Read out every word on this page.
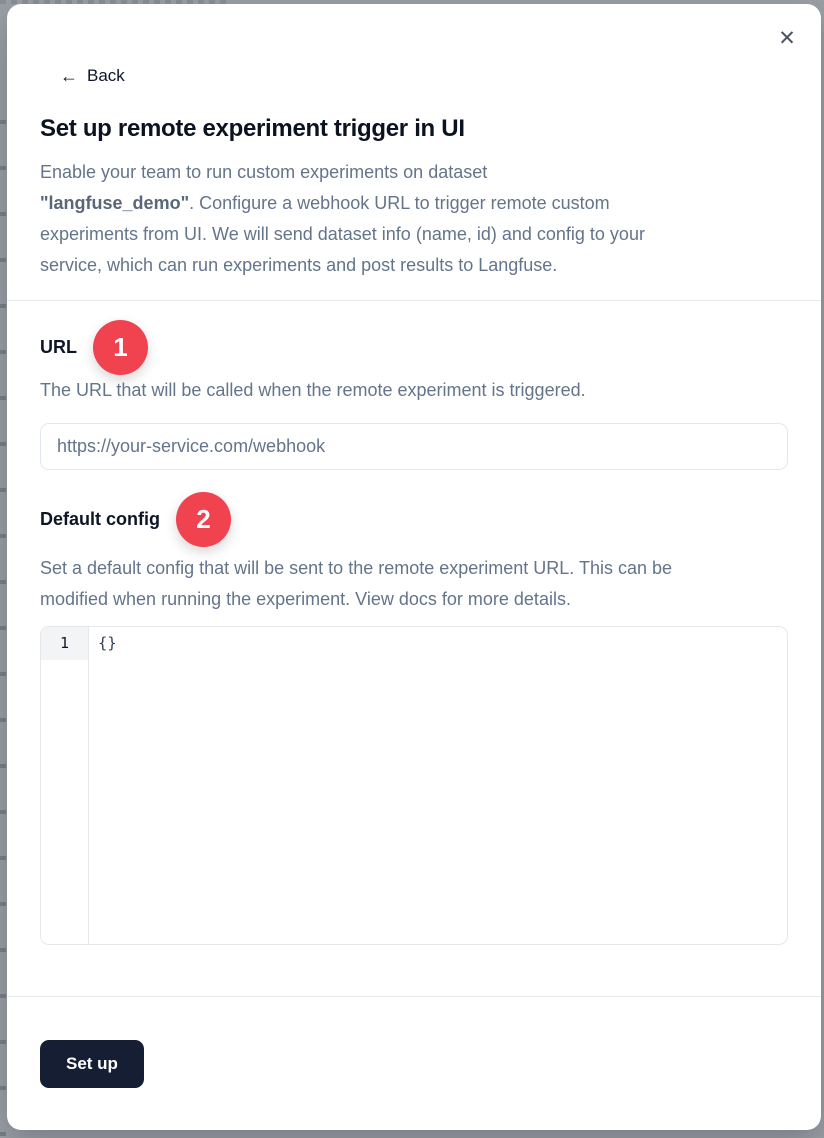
✕
← Back
Set up remote experiment trigger in UI

Enable your team to run custom experiments on dataset
"langfuse_demo". Configure a webhook URL to trigger remote custom experiments from UI. We will send dataset info (name, id) and config to your service, which can run experiments and post results to Langfuse.

URL	1

The URL that will be called when the remote experiment is triggered.

https://your-service.com/webhook
Default config	2

Set a default config that will be sent to the remote experiment URL. This can be modified when running the experiment. View docs for more details.

1	{}
Set up
